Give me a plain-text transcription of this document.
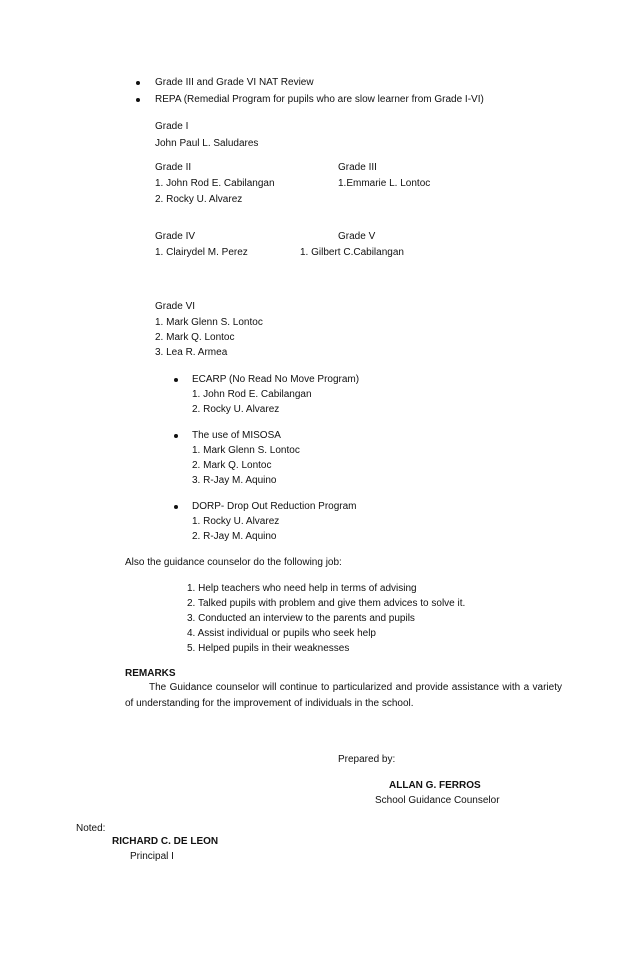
Grade III and Grade VI NAT Review
REPA (Remedial Program for pupils who are slow learner from Grade I-VI)
Grade I
John Paul L. Saludares
Grade II
1. John Rod E. Cabilangan
2. Rocky U. Alvarez
Grade III
1.Emmarie L. Lontoc
Grade IV
1. Clairydel M. Perez
Grade V
1. Gilbert C.Cabilangan
Grade VI
1. Mark Glenn S. Lontoc
2. Mark Q. Lontoc
3. Lea R. Armea
ECARP (No Read No Move Program)
1. John Rod E. Cabilangan
2. Rocky U. Alvarez
The use of MISOSA
1. Mark Glenn S. Lontoc
2. Mark Q. Lontoc
3. R-Jay M. Aquino
DORP- Drop Out Reduction Program
1. Rocky U. Alvarez
2. R-Jay M. Aquino
Also the guidance counselor do the following job:
1. Help teachers who need help in terms of advising
2. Talked pupils with problem and give them advices to solve it.
3. Conducted an interview to the parents and pupils
4. Assist individual or pupils who seek help
5. Helped pupils in their weaknesses
REMARKS
The Guidance counselor will continue to particularized and provide assistance with a variety of understanding for the improvement of individuals in the school.
Prepared by:
ALLAN G. FERROS
School Guidance Counselor
Noted:
RICHARD C. DE LEON
Principal I
